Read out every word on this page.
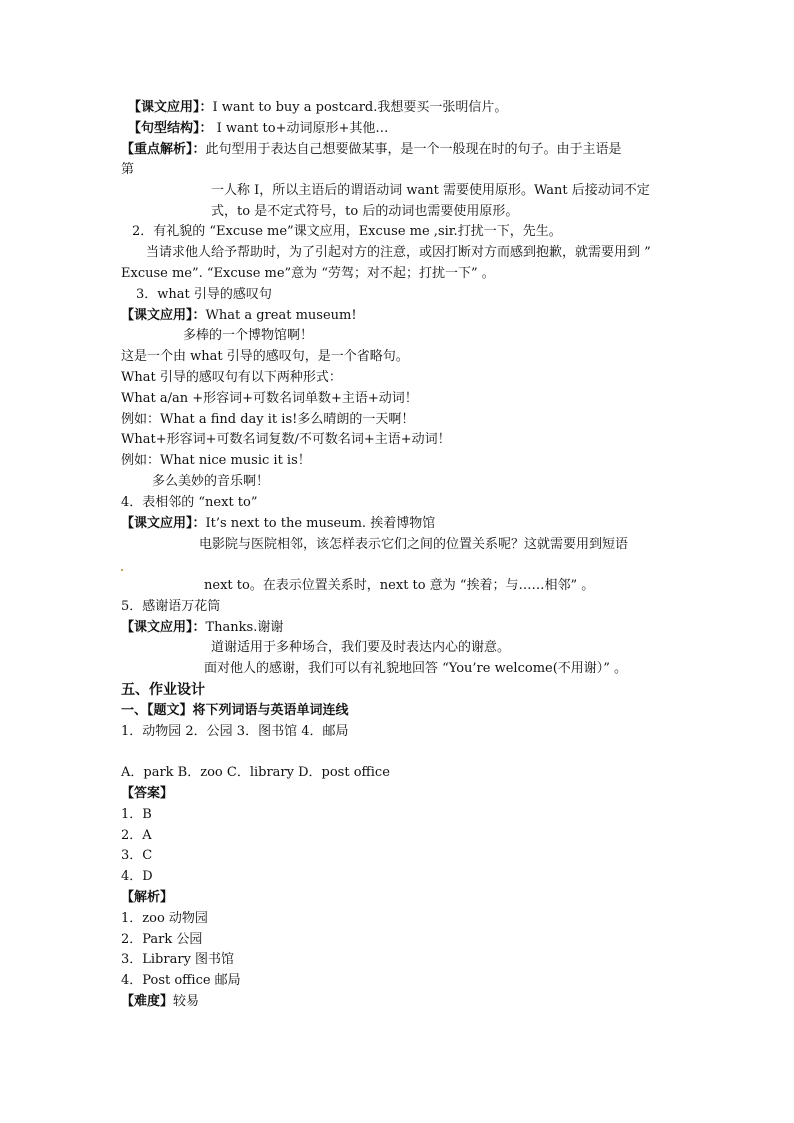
【课文应用】：I want to buy a postcard.我想要买一张明信片。
【句型结构】： I want to+动词原形+其他…
【重点解析】：此句型用于表达自己想要做某事，是一个一般现在时的句子。由于主语是
第
一人称 I，所以主语后的谓语动词 want 需要使用原形。Want 后接动词不定
式，to 是不定式符号，to 后的动词也需要使用原形。
2．有礼貌的 “Excuse me”课文应用，Excuse me ,sir.打扰一下，先生。
当请求他人给予帮助时，为了引起对方的注意，或因打断对方而感到抱歉，就需要用到 ”
Excuse me”. “Excuse me”意为 “劳驾；对不起；打扰一下” 。
3．what 引导的感叹句
【课文应用】：What a great museum!
多棒的一个博物馆啊！
这是一个由 what 引导的感叹句，是一个省略句。
What 引导的感叹句有以下两种形式：
What a/an +形容词+可数名词单数+主语+动词！
例如：What a find day it is!多么晴朗的一天啊！
What+形容词+可数名词复数/不可数名词+主语+动词！
例如：What nice music it is！
多么美妙的音乐啊！
4．表相邻的 “next to”
【课文应用】：It’s next to the museum. 挨着博物馆
电影院与医院相邻，该怎样表示它们之间的位置关系呢？这就需要用到短语
next to。在表示位置关系时，next to 意为 “挨着；与……相邻” 。
5．感谢语万花筒
【课文应用】：Thanks.谢谢
道谢适用于多种场合，我们要及时表达内心的谢意。
面对他人的感谢，我们可以有礼貌地回答 “You’re welcome(不用谢）” 。
五、作业设计
一、【题文】将下列词语与英语单词连线
1．动物园 2．公园 3．图书馆 4．邮局
A．park B．zoo C．library D．post office
【答案】
1．B
2．A
3．C
4．D
【解析】
1．zoo 动物园
2．Park 公园
3．Library 图书馆
4．Post office 邮局
【难度】较易
